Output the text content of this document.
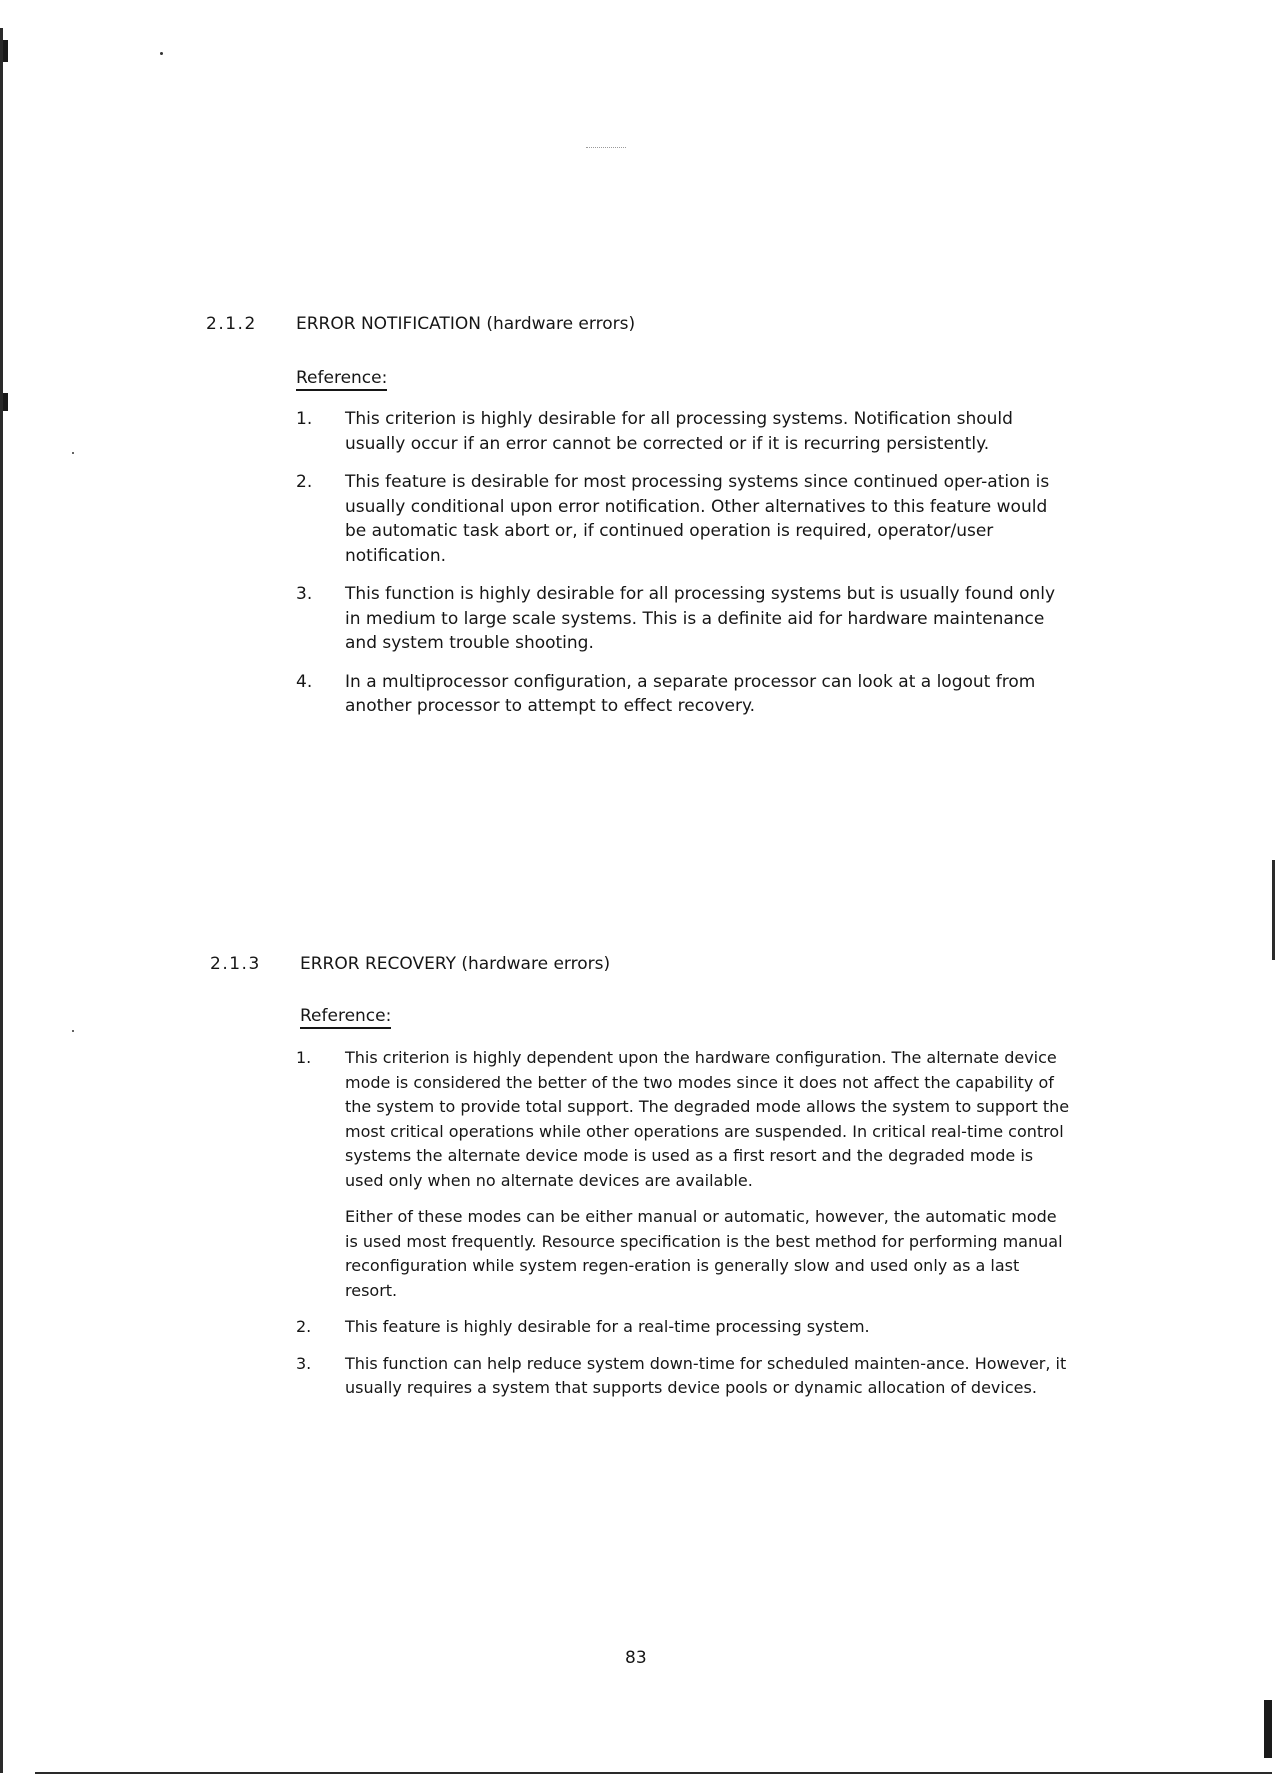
2.1.2 ERROR NOTIFICATION (hardware errors)
Reference:
1. This criterion is highly desirable for all processing systems. Notification should usually occur if an error cannot be corrected or if it is recurring persistently.
2. This feature is desirable for most processing systems since continued oper-ation is usually conditional upon error notification. Other alternatives to this feature would be automatic task abort or, if continued operation is required, operator/user notification.
3. This function is highly desirable for all processing systems but is usually found only in medium to large scale systems. This is a definite aid for hardware maintenance and system trouble shooting.
4. In a multiprocessor configuration, a separate processor can look at a logout from another processor to attempt to effect recovery.
2.1.3 ERROR RECOVERY (hardware errors)
Reference:
1. This criterion is highly dependent upon the hardware configuration. The alternate device mode is considered the better of the two modes since it does not affect the capability of the system to provide total support. The degraded mode allows the system to support the most critical operations while other operations are suspended. In critical real-time control systems the alternate device mode is used as a first resort and the degraded mode is used only when no alternate devices are available.
Either of these modes can be either manual or automatic, however, the automatic mode is used most frequently. Resource specification is the best method for performing manual reconfiguration while system regen-eration is generally slow and used only as a last resort.
2. This feature is highly desirable for a real-time processing system.
3. This function can help reduce system down-time for scheduled mainten-ance. However, it usually requires a system that supports device pools or dynamic allocation of devices.
83
